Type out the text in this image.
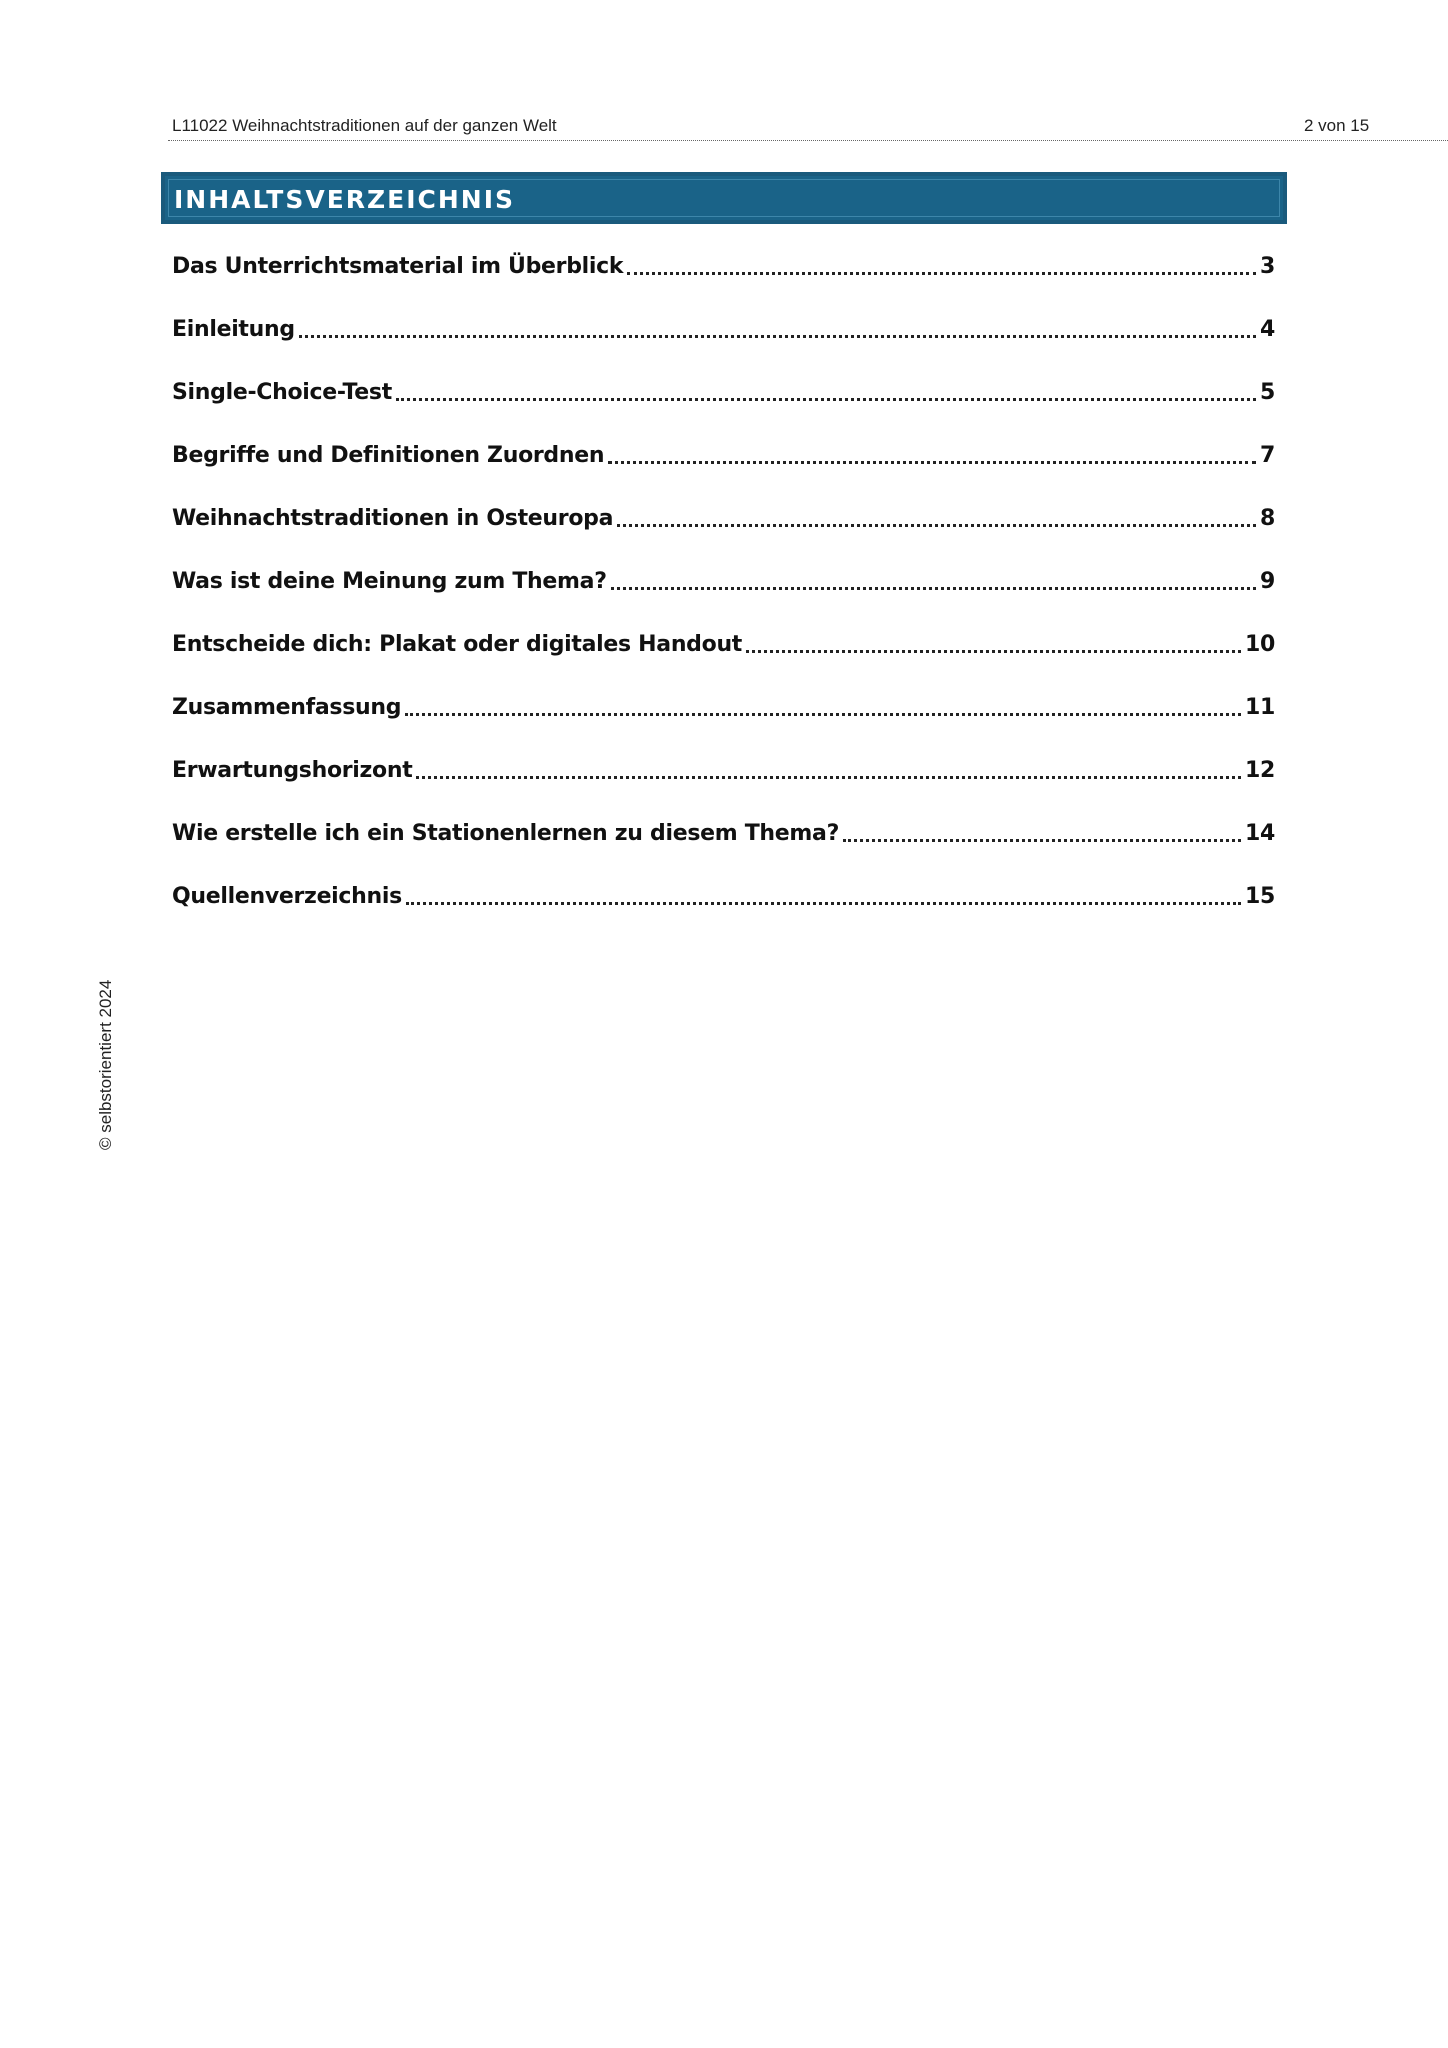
L11022 Weihnachtstraditionen auf der ganzen Welt	2 von 15
INHALTSVERZEICHNIS
Das Unterrichtsmaterial im Überblick	3
Einleitung	4
Single-Choice-Test	5
Begriffe und Definitionen Zuordnen	7
Weihnachtstraditionen in Osteuropa	8
Was ist deine Meinung zum Thema?	9
Entscheide dich: Plakat oder digitales Handout	10
Zusammenfassung	11
Erwartungshorizont	12
Wie erstelle ich ein Stationenlernen zu diesem Thema?	14
Quellenverzeichnis	15
© selbstorientiert 2024
